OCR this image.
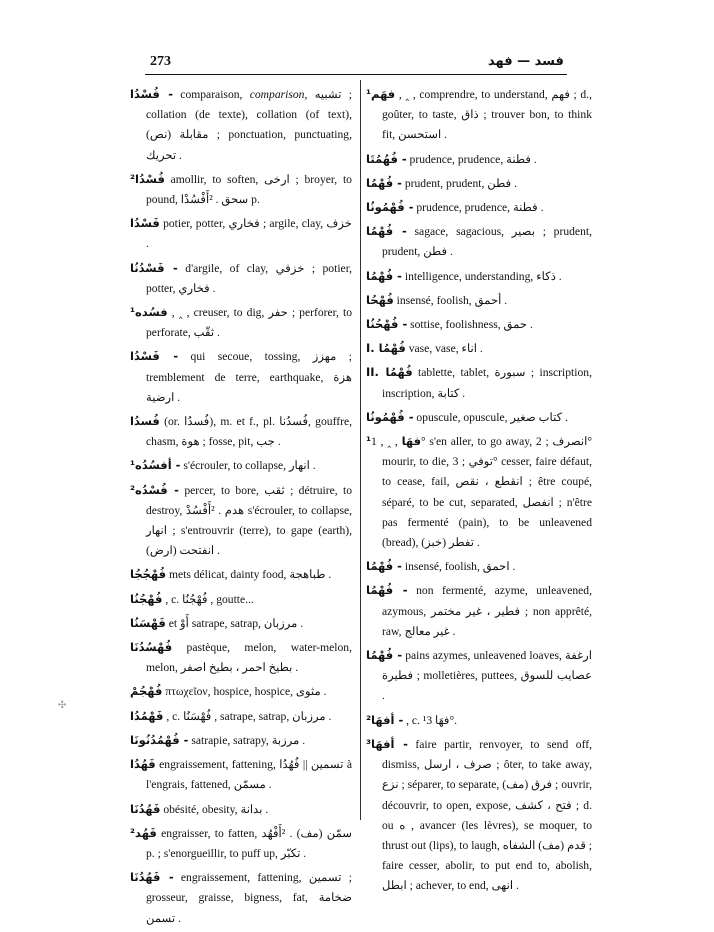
273	فسد — فهد
✣
فُسْدُا - comparaison, comparison, تشبيه ; collation (de texte), collation (of text), مقابلة (نص) ; ponctuation, punctuating, تحريك .
²فُسْدُا amollir, to soften, ارخى ; broyer, to pound, سحق . ²أَفْسُدْا p.
فَسْدُا potier, potter, فخاري ; argile, clay, خزف .
فَسْدُنُا - d'argile, of clay, خزفي ; potier, potter, فخاري .
¹فسُده , ‸ , creuser, to dig, حفر ; perforer, to perforate, ثقّب .
فَسْدُا - qui secoue, tossing, مهزز ; tremblement de terre, earthquake, هزة ارضية .
فُسدُا (or. فُسدُا), m. et f., pl. فُسدُنا, gouffre, chasm, هوة ; fosse, pit, جب .
¹أفسُدُه - s'écrouler, to collapse, انهار .
²فُسْدُه - percer, to bore, ثقب ; détruire, to destroy, هدم . ²أَفْسُدْ s'écrouler, to collapse, انهار ; s'entrouvrir (terre), to gape (earth), انفتحت (ارض) .
فُهْجُجُا mets délicat, dainty food, طباهجة .
فُهْجُنُا , c. فُهْجُنُا , goutte...
فَهْسَنُا et أَوْ satrape, satrap, مرزبان .
فُهْسُدُنَا pastèque, melon, water-melon, melon, بطيخ احمر ، بطيخ اصفر .
فُهْجُمْ πτωχεῖον, hospice, hospice, مثوى .
فَهْمُدُا , c. فُهْسَنُا , satrape, satrap, مرزبان .
فُهْمُدُنُونَا - satrapie, satrapy, مرزبة .
فَهُدُا engraissement, fattening, تسمين || فُهُدُا à l'engrais, fattened, مسمّن .
فَهُدُنَا obésité, obesity, بدانة .
²فَهُد engraisser, to fatten, سمّن (مف) . ²أَفْهُد p. ; s'enorgueillir, to puff up, تكبّر .
فَهُدُنَا - engraissement, fattening, تسمين ; grosseur, graisse, bigness, fat, ضخامة تسمن .
¹فهَم , ‸ , comprendre, to understand, فهم ; d., goûter, to taste, ذاق ; trouver bon, to think fit, استحسن .
فُهُمُتَا - prudence, prudence, فطنة .
فُهْمُا - prudent, prudent, فطن .
فُهْمُونُا - prudence, prudence, فطنة .
فُهْمُا - sagace, sagacious, بصير ; prudent, prudent, فطن .
فُهْمُا - intelligence, understanding, ذكاء .
فُهْحُا insensé, foolish, أحمق .
فُهْحُنُا - sottise, foolishness, حمق .
I. فُهْمُا vase, vase, اناء .
II. فُهْمُا tablette, tablet, سبورة ; inscription, inscription, كتابة .
فُهْمُونُا - opuscule, opuscule, كتاب صغير .
¹فهَا , ‸ , 1° s'en aller, to go away, انصرف ; 2° mourir, to die, توفي ; 3° cesser, faire défaut, to cease, fail, انقطع ، نقص ; être coupé, séparé, to be cut, separated, انفصل ; n'être pas fermenté (pain), to be unleavened (bread), تفطر (خبز) .
فُهْمُا - insensé, foolish, احمق .
فُهْمُا - non fermenté, azyme, unleavened, azymous, فطير ، غير مختمر ; non apprêté, raw, غير معالج .
فُهْمُا - pains azymes, unleavened loaves, ارغفة فطيرة ; molletières, puttees, عصايب للسوق .
²أفهَا - , c. ¹فهَا 3°.
³أفهَا - faire partir, renvoyer, to send off, dismiss, صرف ، ارسل ; ôter, to take away, نزع ; séparer, to separate, فرق (مف) ; ouvrir, découvrir, to open, expose, فتح ، كشف ; d. ou ه , avancer (les lèvres), se moquer, to thrust out (lips), to laugh, قدم (مف) الشفاه ; faire cesser, abolir, to put end to, abolish, ابطل ; achever, to end, انهى .
